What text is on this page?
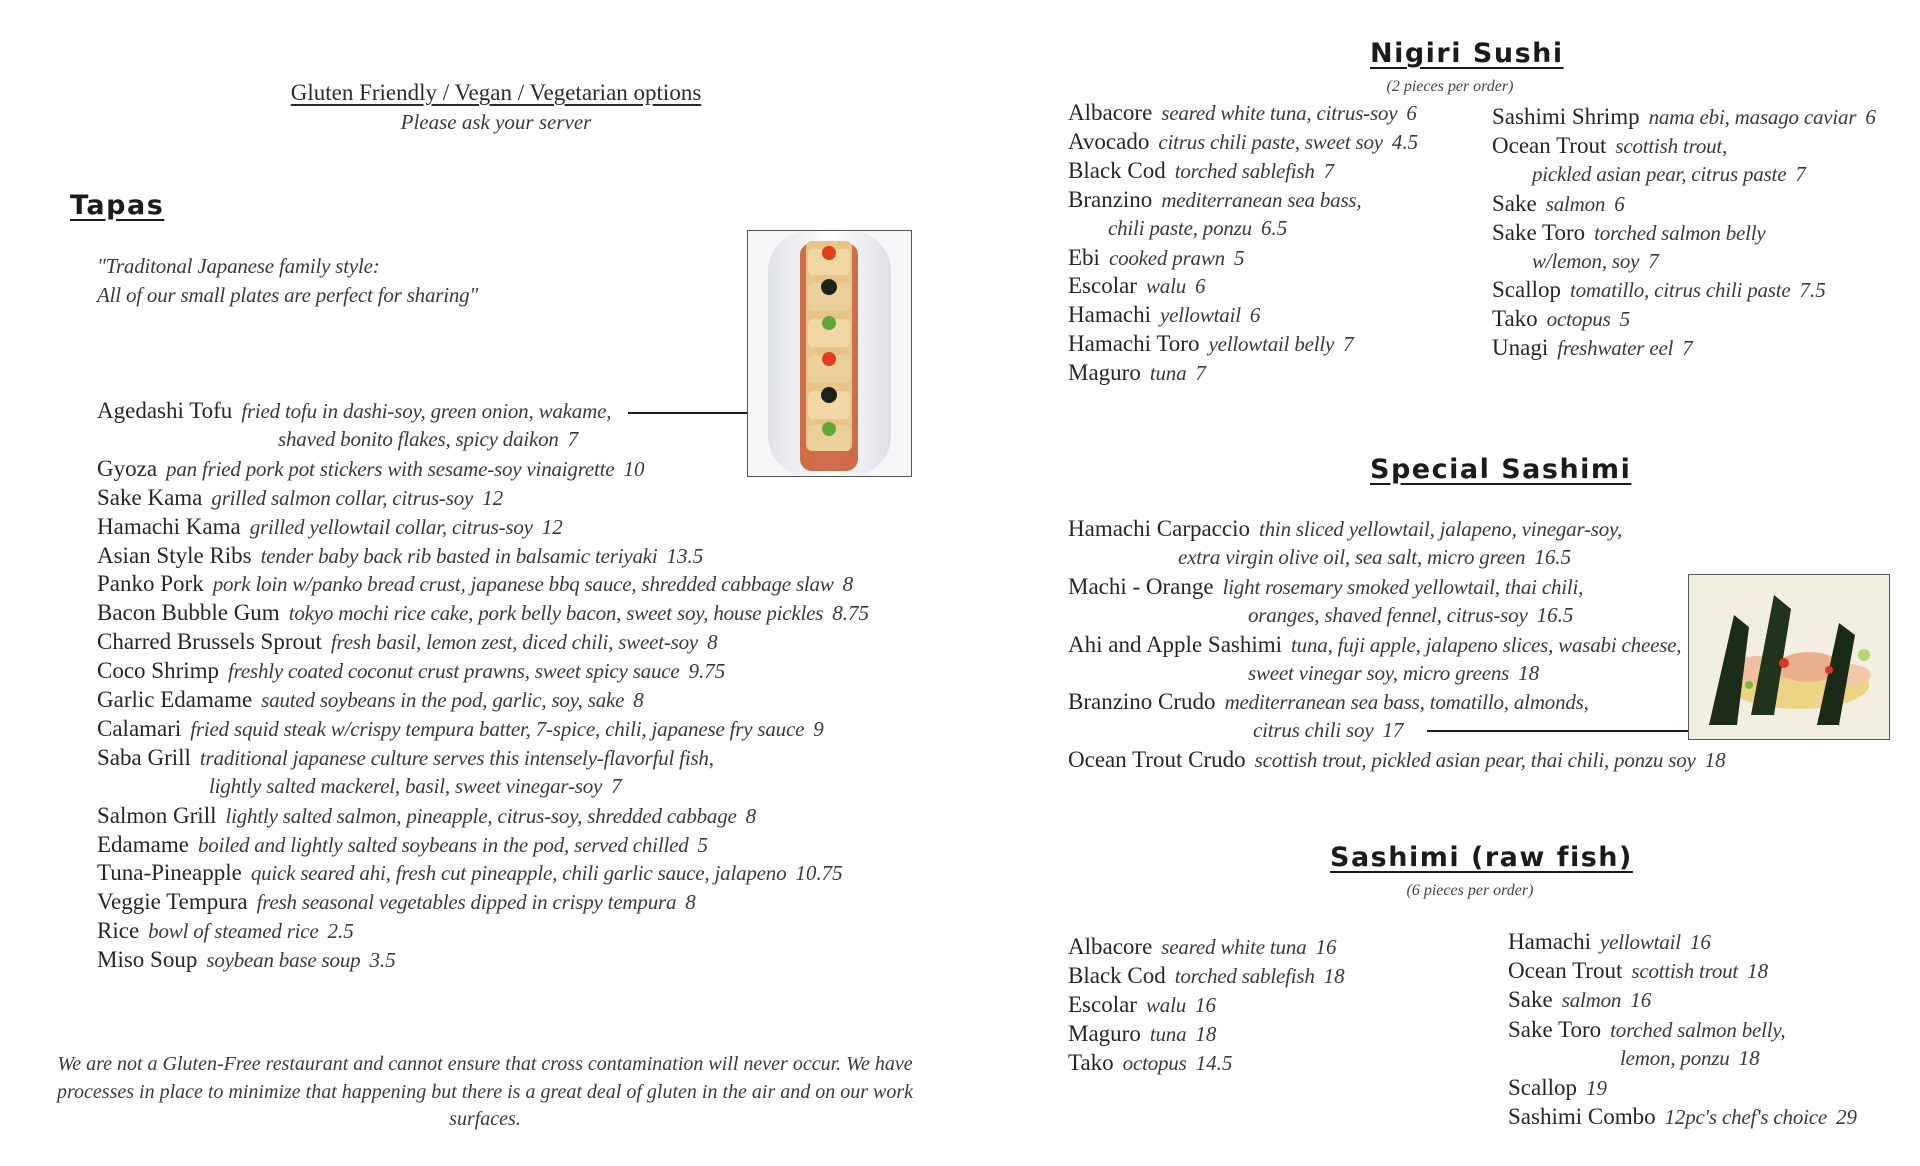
Gluten Friendly / Vegan / Vegetarian options
Please ask your server
Tapas
"Traditonal Japanese family style:
All of our small plates are perfect for sharing"
Agedashi Tofu fried tofu in dashi-soy, green onion, wakame,
shaved bonito flakes, spicy daikon 7
Gyoza pan fried pork pot stickers with sesame-soy vinaigrette 10
Sake Kama grilled salmon collar, citrus-soy 12
Hamachi Kama grilled yellowtail collar, citrus-soy 12
Asian Style Ribs tender baby back rib basted in balsamic teriyaki 13.5
Panko Pork pork loin w/panko bread crust, japanese bbq sauce, shredded cabbage slaw 8
Bacon Bubble Gum tokyo mochi rice cake, pork belly bacon, sweet soy, house pickles 8.75
Charred Brussels Sprout fresh basil, lemon zest, diced chili, sweet-soy 8
Coco Shrimp freshly coated coconut crust prawns, sweet spicy sauce 9.75
Garlic Edamame sauted soybeans in the pod, garlic, soy, sake 8
Calamari fried squid steak w/crispy tempura batter, 7-spice, chili, japanese fry sauce 9
Saba Grill traditional japanese culture serves this intensely-flavorful fish,
lightly salted mackerel, basil, sweet vinegar-soy 7
Salmon Grill lightly salted salmon, pineapple, citrus-soy, shredded cabbage 8
Edamame boiled and lightly salted soybeans in the pod, served chilled 5
Tuna-Pineapple quick seared ahi, fresh cut pineapple, chili garlic sauce, jalapeno 10.75
Veggie Tempura fresh seasonal vegetables dipped in crispy tempura 8
Rice bowl of steamed rice 2.5
Miso Soup soybean base soup 3.5
We are not a Gluten-Free restaurant and cannot ensure that cross contamination will never occur. We have
processes in place to minimize that happening but there is a great deal of gluten in the air and on our work
surfaces.
Nigiri Sushi
(2 pieces per order)
Albacore seared white tuna, citrus-soy 6
Avocado citrus chili paste, sweet soy 4.5
Black Cod torched sablefish 7
Branzino mediterranean sea bass,
chili paste, ponzu 6.5
Ebi cooked prawn 5
Escolar walu 6
Hamachi yellowtail 6
Hamachi Toro yellowtail belly 7
Maguro tuna 7
Sashimi Shrimp nama ebi, masago caviar 6
Ocean Trout scottish trout,
pickled asian pear, citrus paste 7
Sake salmon 6
Sake Toro torched salmon belly
w/lemon, soy 7
Scallop tomatillo, citrus chili paste 7.5
Tako octopus 5
Unagi freshwater eel 7
Special Sashimi
Hamachi Carpaccio thin sliced yellowtail, jalapeno, vinegar-soy,
extra virgin olive oil, sea salt, micro green 16.5
Machi - Orange light rosemary smoked yellowtail, thai chili,
oranges, shaved fennel, citrus-soy 16.5
Ahi and Apple Sashimi tuna, fuji apple, jalapeno slices, wasabi cheese,
sweet vinegar soy, micro greens 18
Branzino Crudo mediterranean sea bass, tomatillo, almonds,
citrus chili soy 17
Ocean Trout Crudo scottish trout, pickled asian pear, thai chili, ponzu soy 18
Sashimi (raw fish)
(6 pieces per order)
Albacore seared white tuna 16
Black Cod torched sablefish 18
Escolar walu 16
Maguro tuna 18
Tako octopus 14.5
Hamachi yellowtail 16
Ocean Trout scottish trout 18
Sake salmon 16
Sake Toro torched salmon belly,
lemon, ponzu 18
Scallop 19
Sashimi Combo 12pc's chef's choice 29
